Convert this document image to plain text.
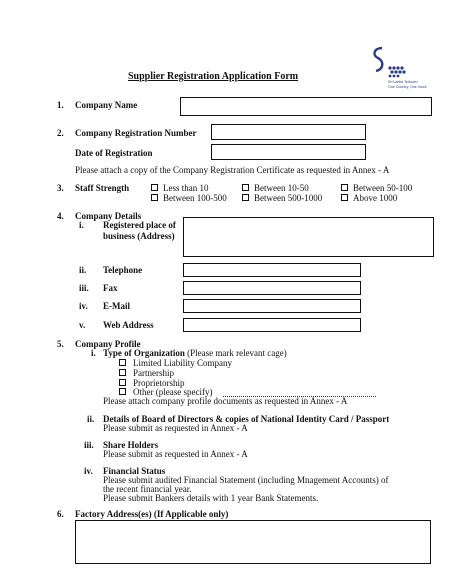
Sri Lanka Telecom
One Country, One Voice
Supplier Registration Application Form
1. Company Name
2. Company Registration Number
Date of Registration
Please attach a copy of the Company Registration Certificate as requested in Annex - A
3. Staff Strength	Less than 10	Between 10-50	Between 50-100
Between 100-500	Between 500-1000	Above 1000
4. Company Details
i. Registered place of business (Address)
ii. Telephone
iii. Fax
iv. E-Mail
v. Web Address
5. Company Profile
i. Type of Organization (Please mark relevant cage)
Limited Liability Company
Partnership
Proprietorship
Other (please specify)
Please attach company profile documents as requested in Annex - A
ii. Details of Board of Directors & copies of National Identity Card / Passport
Please submit as requested in Annex - A
iii. Share Holders
Please submit as requested in Annex - A
iv. Financial Status
Please submit audited Financial Statement (including Mnagement Accounts) of
the recent financial year.
Please submit Bankers details with 1 year Bank Statements.
6. Factory Address(es) (If Applicable only)
